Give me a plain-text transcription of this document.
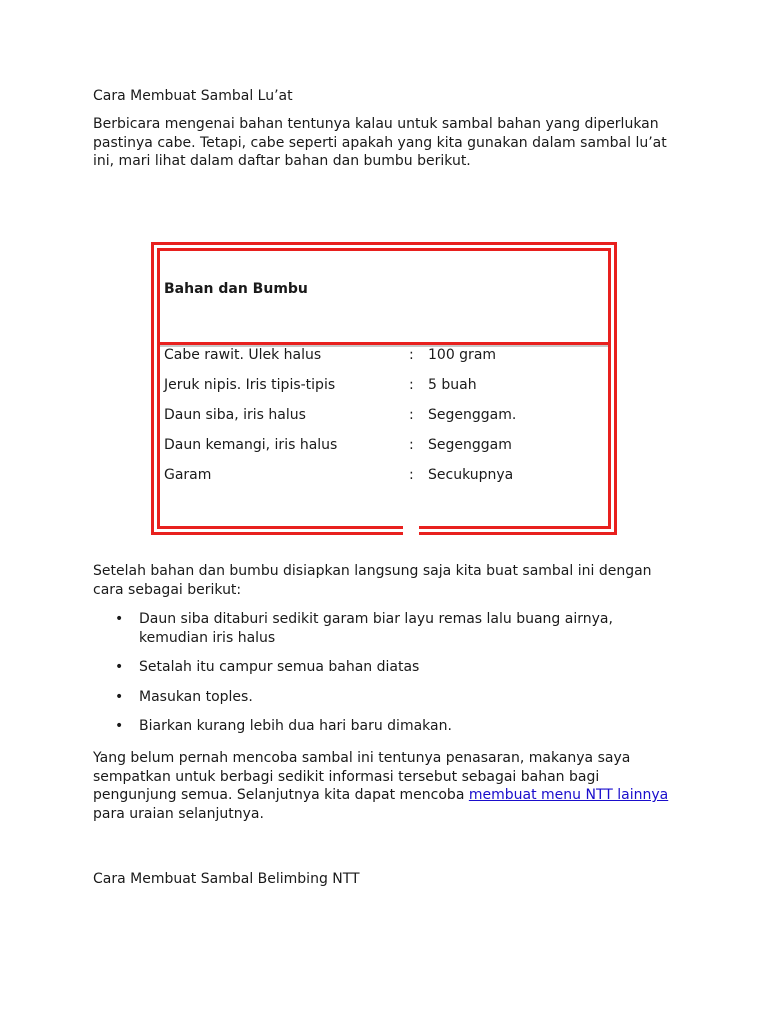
Cara Membuat Sambal Lu’at

Berbicara mengenai bahan tentunya kalau untuk sambal bahan yang diperlukan pastinya cabe. Tetapi, cabe seperti apakah yang kita gunakan dalam sambal lu’at ini, mari lihat dalam daftar bahan dan bumbu berikut.

Bahan dan Bumbu

Cabe rawit. Ulek halus	: 100 gram
Jeruk nipis. Iris tipis-tipis	: 5 buah
Daun siba, iris halus	: Segenggam.
Daun kemangi, iris halus	: Segenggam
Garam	: Secukupnya

Setelah bahan dan bumbu disiapkan langsung saja kita buat sambal ini dengan cara sebagai berikut:

• Daun siba ditaburi sedikit garam biar layu remas lalu buang airnya, kemudian iris halus
• Setalah itu campur semua bahan diatas
• Masukan toples.
• Biarkan kurang lebih dua hari baru dimakan.

Yang belum pernah mencoba sambal ini tentunya penasaran, makanya saya sempatkan untuk berbagi sedikit informasi tersebut sebagai bahan bagi pengunjung semua. Selanjutnya kita dapat mencoba membuat menu NTT lainnya para uraian selanjutnya.

Cara Membuat Sambal Belimbing NTT
